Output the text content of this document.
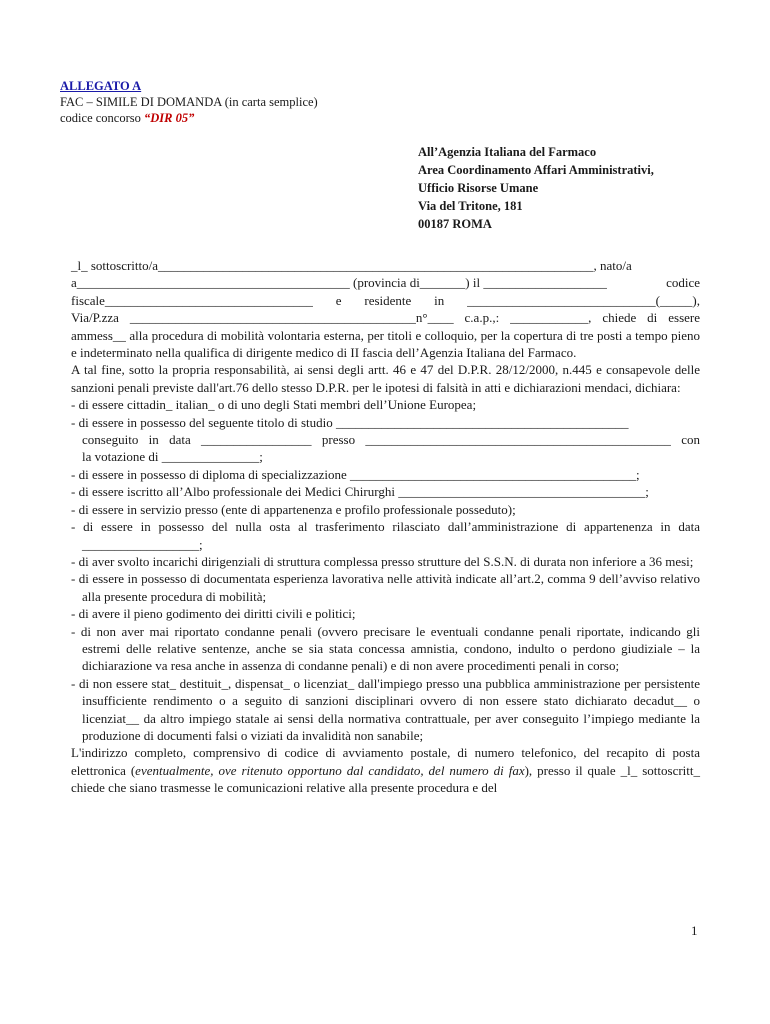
ALLEGATO A
FAC – SIMILE DI DOMANDA (in carta semplice)
codice concorso “DIR 05”
All’Agenzia Italiana del Farmaco
Area Coordinamento Affari Amministrativi,
Ufficio Risorse Umane
Via del Tritone, 181
00187 ROMA

_l_ sottoscritto/a___________________________________________________________________, nato/a

a__________________________________________ (provincia di_______) il ___________________	codice
fiscale________________________________ e residente in _____________________________(_____),

Via/P.zza ____________________________________________n°____ c.a.p.,: ____________, chiede di essere

ammess__ alla procedura di mobilità volontaria esterna, per titoli e colloquio, per la copertura di tre posti a tempo pieno e indeterminato nella qualifica di dirigente medico di II fascia dell’Agenzia Italiana del Farmaco.

A tal fine, sotto la propria responsabilità, ai sensi degli artt. 46 e 47 del D.P.R. 28/12/2000, n.445 e consapevole delle sanzioni penali previste dall'art.76 dello stesso D.P.R. per le ipotesi di falsità in atti e dichiarazioni mendaci, dichiara:

- di essere cittadin_ italian_ o di uno degli Stati membri dell’Unione Europea;

- di essere in possesso del seguente titolo di studio _____________________________________________

conseguito in data _________________ presso _______________________________________________ con

la votazione di _______________;

- di essere in possesso di diploma di specializzazione ____________________________________________;

- di essere iscritto all’Albo professionale dei Medici Chirurghi ______________________________________;

- di essere in servizio presso (ente di appartenenza e profilo professionale posseduto);

- di essere in possesso del nulla osta al trasferimento rilasciato dall’amministrazione di appartenenza in data __________________;

- di aver svolto incarichi dirigenziali di struttura complessa presso strutture del S.S.N. di durata non inferiore a 36 mesi;

- di essere in possesso di documentata esperienza lavorativa nelle attività indicate all’art.2, comma 9 dell’avviso relativo alla presente procedura di mobilità;

- di avere il pieno godimento dei diritti civili e politici;

- di non aver mai riportato condanne penali (ovvero precisare le eventuali condanne penali riportate, indicando gli estremi delle relative sentenze, anche se sia stata concessa amnistia, condono, indulto o perdono giudiziale – la dichiarazione va resa anche in assenza di condanne penali) e di non avere procedimenti penali in corso;

- di non essere stat_ destituit_, dispensat_ o licenziat_ dall'impiego presso una pubblica amministrazione per persistente insufficiente rendimento o a seguito di sanzioni disciplinari ovvero di non essere stato dichiarato decadut__ o licenziat__ da altro impiego statale ai sensi della normativa contrattuale, per aver conseguito l’impiego mediante la produzione di documenti falsi o viziati da invalidità non sanabile;

L'indirizzo completo, comprensivo di codice di avviamento postale, di numero telefonico, del recapito di posta elettronica (eventualmente, ove ritenuto opportuno dal candidato, del numero di fax), presso il quale _l_ sottoscritt_ chiede che siano trasmesse le comunicazioni relative alla presente procedura e del

1
